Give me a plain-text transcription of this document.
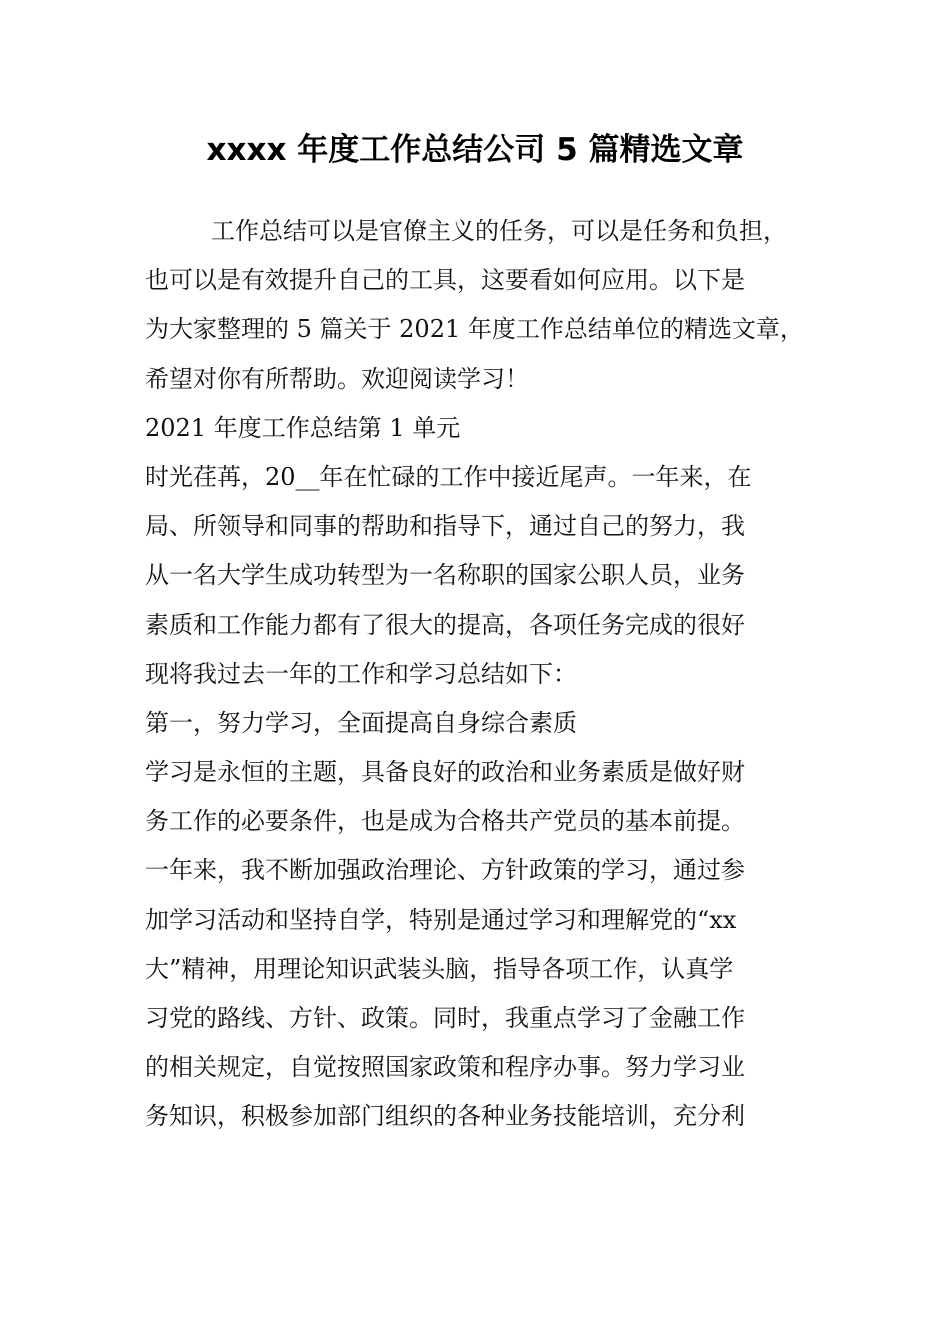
xxxx 年度工作总结公司 5 篇精选文章
工作总结可以是官僚主义的任务，可以是任务和负担，
也可以是有效提升自己的工具，这要看如何应用。以下是
为大家整理的 5 篇关于 2021 年度工作总结单位的精选文章，
希望对你有所帮助。欢迎阅读学习！
2021 年度工作总结第 1 单元
时光荏苒，20__年在忙碌的工作中接近尾声。一年来，在
局、所领导和同事的帮助和指导下，通过自己的努力，我
从一名大学生成功转型为一名称职的国家公职人员，业务
素质和工作能力都有了很大的提高，各项任务完成的很好
现将我过去一年的工作和学习总结如下：
第一，努力学习，全面提高自身综合素质
学习是永恒的主题，具备良好的政治和业务素质是做好财
务工作的必要条件，也是成为合格共产党员的基本前提。
一年来，我不断加强政治理论、方针政策的学习，通过参
加学习活动和坚持自学，特别是通过学习和理解党的“xx
大”精神，用理论知识武装头脑，指导各项工作，认真学
习党的路线、方针、政策。同时，我重点学习了金融工作
的相关规定，自觉按照国家政策和程序办事。努力学习业
务知识，积极参加部门组织的各种业务技能培训，充分利
